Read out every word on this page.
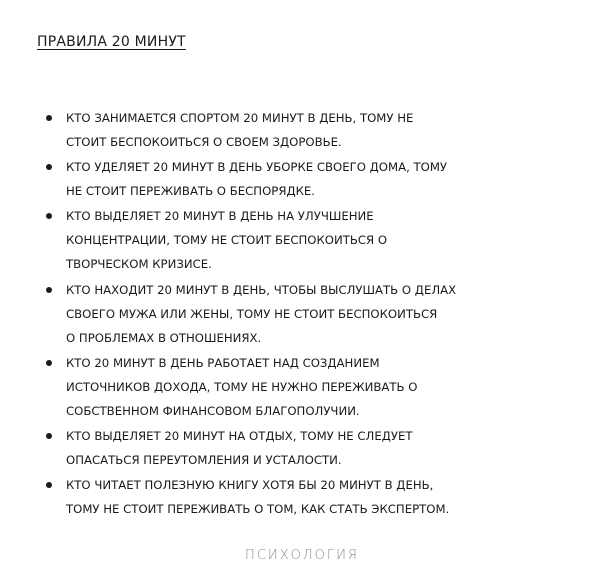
ПРАВИЛА 20 МИНУТ
КТО ЗАНИМАЕТСЯ СПОРТОМ 20 МИНУТ В ДЕНЬ, ТОМУ НЕ
СТОИТ БЕСПОКОИТЬСЯ О СВОЕМ ЗДОРОВЬЕ.
КТО УДЕЛЯЕТ 20 МИНУТ В ДЕНЬ УБОРКЕ СВОЕГО ДОМА, ТОМУ
НЕ СТОИТ ПЕРЕЖИВАТЬ О БЕСПОРЯДКЕ.
КТО ВЫДЕЛЯЕТ 20 МИНУТ В ДЕНЬ НА УЛУЧШЕНИЕ
КОНЦЕНТРАЦИИ, ТОМУ НЕ СТОИТ БЕСПОКОИТЬСЯ О
ТВОРЧЕСКОМ КРИЗИСЕ.
КТО НАХОДИТ 20 МИНУТ В ДЕНЬ, ЧТОБЫ ВЫСЛУШАТЬ О ДЕЛАХ
СВОЕГО МУЖА ИЛИ ЖЕНЫ, ТОМУ НЕ СТОИТ БЕСПОКОИТЬСЯ
О ПРОБЛЕМАХ В ОТНОШЕНИЯХ.
КТО 20 МИНУТ В ДЕНЬ РАБОТАЕТ НАД СОЗДАНИЕМ
ИСТОЧНИКОВ ДОХОДА, ТОМУ НЕ НУЖНО ПЕРЕЖИВАТЬ О
СОБСТВЕННОМ ФИНАНСОВОМ БЛАГОПОЛУЧИИ.
КТО ВЫДЕЛЯЕТ 20 МИНУТ НА ОТДЫХ, ТОМУ НЕ СЛЕДУЕТ
ОПАСАТЬСЯ ПЕРЕУТОМЛЕНИЯ И УСТАЛОСТИ.
КТО ЧИТАЕТ ПОЛЕЗНУЮ КНИГУ ХОТЯ БЫ 20 МИНУТ В ДЕНЬ,
ТОМУ НЕ СТОИТ ПЕРЕЖИВАТЬ О ТОМ, КАК СТАТЬ ЭКСПЕРТОМ.
ПСИХОЛОГИЯ
